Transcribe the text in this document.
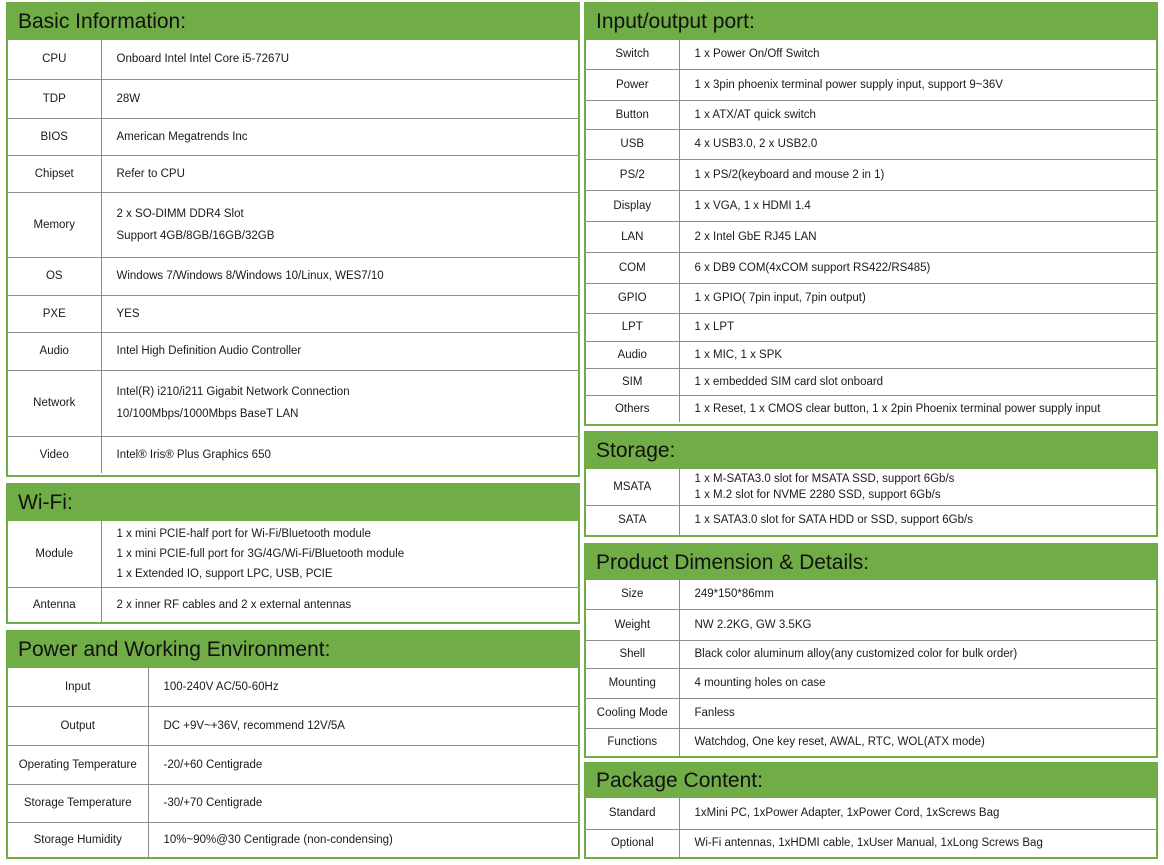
Basic Information:
CPU	Onboard Intel Intel Core i5-7267U

TDP	28W

BIOS	American Megatrends Inc

Chipset	Refer to CPU

Memory	2 x SO-DIMM DDR4 Slot
Support 4GB/8GB/16GB/32GB

OS	Windows 7/Windows 8/Windows 10/Linux, WES7/10

PXE	YES

Audio	Intel High Definition Audio Controller

Network	Intel(R) i210/i211 Gigabit Network Connection
10/100Mbps/1000Mbps BaseT LAN

Video	Intel® Iris® Plus Graphics 650
Wi-Fi:
Module	1 x mini PCIE-half port for Wi-Fi/Bluetooth module
1 x mini PCIE-full port for 3G/4G/Wi-Fi/Bluetooth module
1 x Extended IO, support LPC, USB, PCIE

Antenna	2 x inner RF cables and 2 x external antennas
Power and Working Environment:
Input	100-240V AC/50-60Hz

Output	DC +9V~+36V, recommend 12V/5A

Operating Temperature	-20/+60 Centigrade

Storage Temperature	-30/+70 Centigrade

Storage Humidity	10%~90%@30 Centigrade (non-condensing)
Input/output port:
Switch	1 x Power On/Off Switch

Power	1 x 3pin phoenix terminal power supply input, support 9~36V

Button	1 x ATX/AT quick switch

USB	4 x USB3.0, 2 x USB2.0

PS/2	1 x PS/2(keyboard and mouse 2 in 1)

Display	1 x VGA, 1 x HDMI 1.4

LAN	2 x Intel GbE RJ45 LAN

COM	6 x DB9 COM(4xCOM support RS422/RS485)

GPIO	1 x GPIO( 7pin input, 7pin output)

LPT	1 x LPT

Audio	1 x MIC, 1 x SPK

SIM	1 x embedded SIM card slot onboard

Others	1 x Reset, 1 x CMOS clear button, 1 x 2pin Phoenix terminal power supply input
Storage:
MSATA	1 x M-SATA3.0 slot for MSATA SSD, support 6Gb/s
1 x M.2 slot for NVME 2280 SSD, support 6Gb/s

SATA	1 x SATA3.0 slot for SATA HDD or SSD, support 6Gb/s
Product Dimension & Details:
Size	249*150*86mm

Weight	NW 2.2KG, GW 3.5KG

Shell	Black color aluminum alloy(any customized color for bulk order)

Mounting	4 mounting holes on case

Cooling Mode	Fanless

Functions	Watchdog, One key reset, AWAL, RTC, WOL(ATX mode)
Package Content:
Standard	1xMini PC, 1xPower Adapter, 1xPower Cord, 1xScrews Bag

Optional	Wi-Fi antennas, 1xHDMI cable, 1xUser Manual, 1xLong Screws Bag
